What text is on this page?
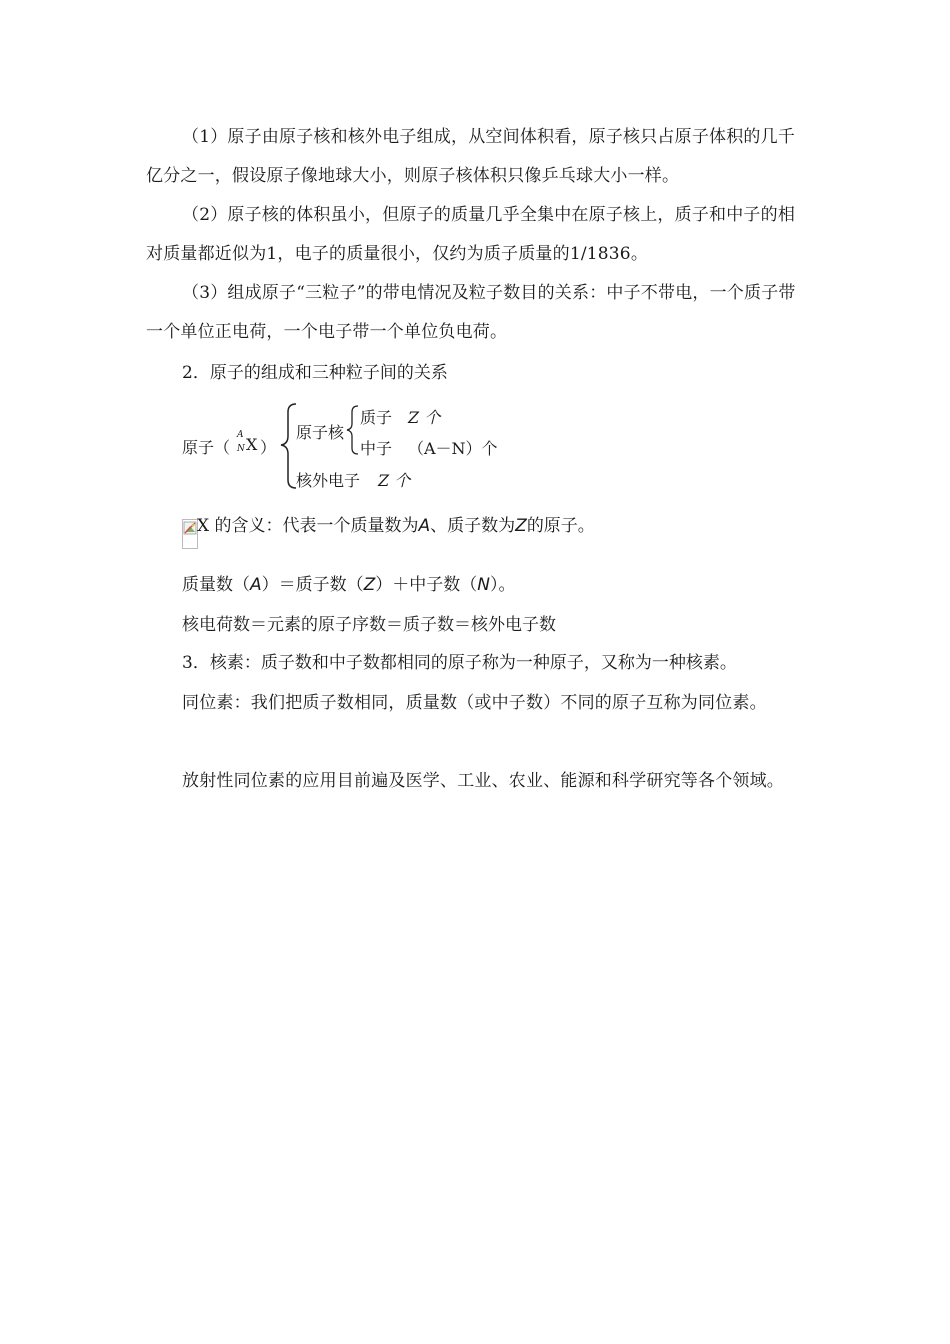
（1）原子由原子核和核外电子组成，从空间体积看，原子核只占原子体积的几千亿分之一，假设原子像地球大小，则原子核体积只像乒乓球大小一样。

（2）原子核的体积虽小，但原子的质量几乎全集中在原子核上，质子和中子的相对质量都近似为1，电子的质量很小，仅约为质子质量的1/1836。

（3）组成原子“三粒子”的带电情况及粒子数目的关系：中子不带电，一个质子带一个单位正电荷，一个电子带一个单位负电荷。

2．原子的组成和三种粒子间的关系
原子（
A
N X ）
原子核
质子 Z 个
中子 （A－N）个
核外电子 Z 个
X 的含义：代表一个质量数为A、质子数为Z的原子。
质量数（A）＝质子数（Z）＋中子数（N）。
核电荷数＝元素的原子序数＝质子数＝核外电子数
3．核素：质子数和中子数都相同的原子称为一种原子，又称为一种核素。

同位素：我们把质子数相同，质量数（或中子数）不同的原子互称为同位素。

放射性同位素的应用目前遍及医学、工业、农业、能源和科学研究等各个领域。
